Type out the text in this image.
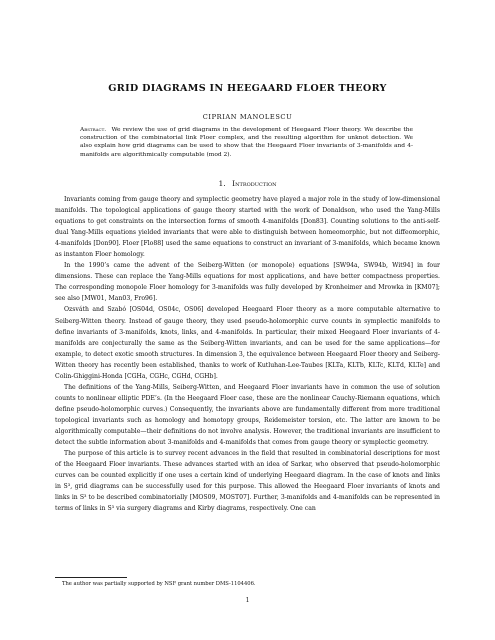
GRID DIAGRAMS IN HEEGAARD FLOER THEORY
CIPRIAN MANOLESCU
Abstract. We review the use of grid diagrams in the development of Heegaard Floer theory. We describe the construction of the combinatorial link Floer complex, and the resulting algorithm for unknot detection. We also explain how grid diagrams can be used to show that the Heegaard Floer invariants of 3-manifolds and 4-manifolds are algorithmically computable (mod 2).
1. Introduction

Invariants coming from gauge theory and symplectic geometry have played a major role in the study of low-dimensional manifolds. The topological applications of gauge theory started with the work of Donaldson, who used the Yang-Mills equations to get constraints on the intersection forms of smooth 4-manifolds [Don83]. Counting solutions to the anti-self-dual Yang-Mills equations yielded invariants that were able to distinguish between homeomorphic, but not diffeomorphic, 4-manifolds [Don90]. Floer [Flo88] used the same equations to construct an invariant of 3-manifolds, which became known as instanton Floer homology.

In the 1990’s came the advent of the Seiberg-Witten (or monopole) equations [SW94a, SW94b, Wit94] in four dimensions. These can replace the Yang-Mills equations for most applications, and have better compactness properties. The corresponding monopole Floer homology for 3-manifolds was fully developed by Kronheimer and Mrowka in [KM07]; see also [MW01, Man03, Fro96].

Ozsváth and Szabó [OS04d, OS04c, OS06] developed Heegaard Floer theory as a more computable alternative to Seiberg-Witten theory. Instead of gauge theory, they used pseudo-holomorphic curve counts in symplectic manifolds to define invariants of 3-manifolds, knots, links, and 4-manifolds. In particular, their mixed Heegaard Floer invariants of 4-manifolds are conjecturally the same as the Seiberg-Witten invariants, and can be used for the same applications—for example, to detect exotic smooth structures. In dimension 3, the equivalence between Heegaard Floer theory and Seiberg-Witten theory has recently been established, thanks to work of Kutluhan-Lee-Taubes [KLTa, KLTb, KLTc, KLTd, KLTe] and Colin-Ghiggini-Honda [CGHa, CGHc, CGHd, CGHb].

The definitions of the Yang-Mills, Seiberg-Witten, and Heegaard Floer invariants have in common the use of solution counts to nonlinear elliptic PDE’s. (In the Heegaard Floer case, these are the nonlinear Cauchy-Riemann equations, which define pseudo-holomorphic curves.) Consequently, the invariants above are fundamentally different from more traditional topological invariants such as homology and homotopy groups, Reidemeister torsion, etc. The latter are known to be algorithmically computable—their definitions do not involve analysis. However, the traditional invariants are insufficient to detect the subtle information about 3-manifolds and 4-manifolds that comes from gauge theory or symplectic geometry.

The purpose of this article is to survey recent advances in the field that resulted in combinatorial descriptions for most of the Heegaard Floer invariants. These advances started with an idea of Sarkar, who observed that pseudo-holomorphic curves can be counted explicitly if one uses a certain kind of underlying Heegaard diagram. In the case of knots and links in S³, grid diagrams can be successfully used for this purpose. This allowed the Heegaard Floer invariants of knots and links in S³ to be described combinatorially [MOS09, MOST07]. Further, 3-manifolds and 4-manifolds can be represented in terms of links in S³ via surgery diagrams and Kirby diagrams, respectively. One can

The author was partially supported by NSF grant number DMS-1104406.
1
